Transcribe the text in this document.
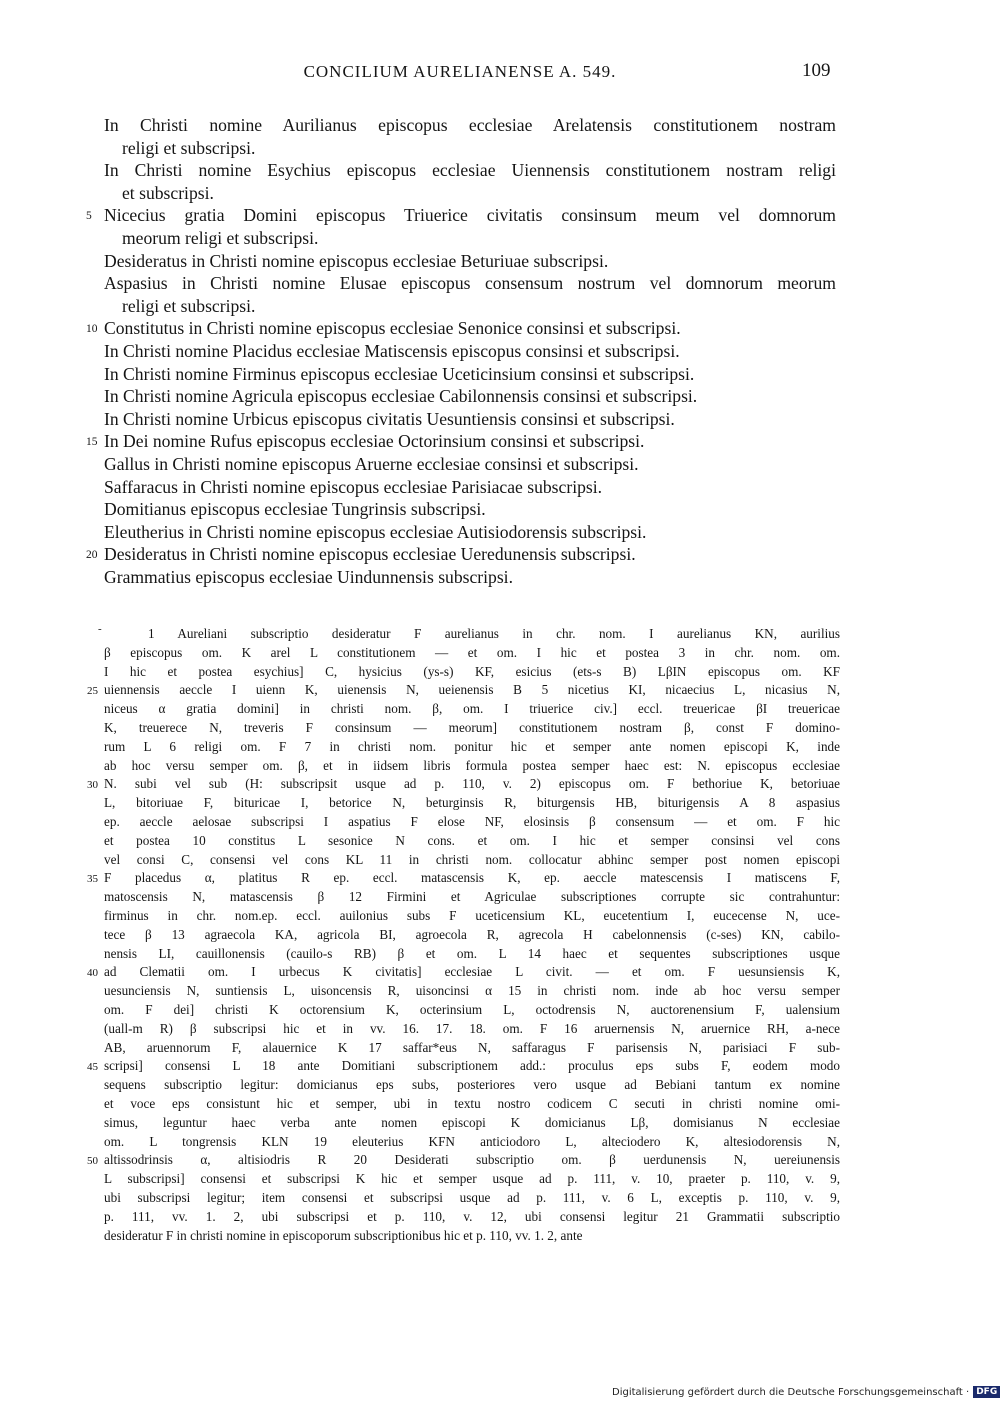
CONCILIUM AURELIANENSE A. 549.	109
In Christi nomine Aurilianus episcopus ecclesiae Arelatensis constitutionem nostram
religi et subscripsi.
In Christi nomine Esychius episcopus ecclesiae Uiennensis constitutionem nostram religi
et subscripsi.
5 Nicecius gratia Domini episcopus Triuerice civitatis consinsum meum vel domnorum
meorum religi et subscripsi.
Desideratus in Christi nomine episcopus ecclesiae Beturiuae subscripsi.
Aspasius in Christi nomine Elusae episcopus consensum nostrum vel domnorum meorum
religi et subscripsi.
10 Constitutus in Christi nomine episcopus ecclesiae Senonice consinsi et subscripsi.
In Christi nomine Placidus ecclesiae Matiscensis episcopus consinsi et subscripsi.
In Christi nomine Firminus episcopus ecclesiae Uceticinsium consinsi et subscripsi.
In Christi nomine Agricula episcopus ecclesiae Cabilonnensis consinsi et subscripsi.
In Christi nomine Urbicus episcopus civitatis Uesuntiensis consinsi et subscripsi.
15 In Dei nomine Rufus episcopus ecclesiae Octorinsium consinsi et subscripsi.
Gallus in Christi nomine episcopus Aruerne ecclesiae consinsi et subscripsi.
Saffaracus in Christi nomine episcopus ecclesiae Parisiacae subscripsi.
Domitianus episcopus ecclesiae Tungrinsis subscripsi.
Eleutherius in Christi nomine episcopus ecclesiae Autisiodorensis subscripsi.
20 Desideratus in Christi nomine episcopus ecclesiae Ueredunensis subscripsi.
Grammatius episcopus ecclesiae Uindunnensis subscripsi.
-	1 Aureliani subscriptio desideratur F aurelianus in chr. nom. I aurelianus KN, aurilius
β episcopus om. K arel L constitutionem — et om. I hic et postea 3 in chr. nom. om.
I hic et postea esychius] C, hysicius (ys-s) KF, esicius (ets-s B) LβIN episcopus om. KF
25 uiennensis aeccle I uienn K, uienensis N, ueienensis B 5 nicetius KI, nicaecius L, nicasius N,
niceus α gratia domini] in christi nom. β, om. I triuerice civ.] eccl. treuericae βI treuericae
K, treuerece N, treveris F consinsum — meorum] constitutionem nostram β, const F domino-
rum L 6 religi om. F 7 in christi nom. ponitur hic et semper ante nomen episcopi K, inde
ab hoc versu semper om. β, et in iidsem libris formula postea semper haec est: N. episcopus ecclesiae
30 N. subi vel sub (H: subscripsit usque ad p. 110, v. 2) episcopus om. F bethoriue K, betoriuae
L, bitoriuae F, bituricae I, betorice N, beturginsis R, biturgensis HB, biturigensis A 8 aspasius
ep. aeccle aelosae subscripsi I aspatius F elose NF, elosinsis β consensum — et om. F hic
et postea 10 constitus L sesonice N cons. et om. I hic et semper consinsi vel cons
vel consi C, consensi vel cons KL 11 in christi nom. collocatur abhinc semper post nomen episcopi
35 F placedus α, platitus R ep. eccl. matascensis K, ep. aeccle matescensis I matiscens F,
matoscensis N, matascensis β 12 Firmini et Agriculae subscriptiones corrupte sic contrahuntur:
firminus in chr. nom.ep. eccl. auilonius subs F uceticensium KL, eucetentium I, eucecense N, uce-
tece β 13 agraecola KA, agricola BI, agroecola R, agrecola H cabelonnensis (c-ses) KN, cabilo-
nensis LI, cauillonensis (cauilo-s RB) β et om. L 14 haec et sequentes subscriptiones usque
40 ad Clematii om. I urbecus K civitatis] ecclesiae L civit. — et om. F uesunsiensis K,
uesunciensis N, suntiensis L, uisoncensis R, uisoncinsi α 15 in christi nom. inde ab hoc versu semper
om. F dei] christi K octorensium K, octerinsium L, octodrensis N, auctorenensium F, ualensium
(uall-m R) β subscripsi hic et in vv. 16. 17. 18. om. F 16 aruernensis N, aruernice RH, a-nece
AB, aruennorum F, alauernice K 17 saffar*eus N, saffaragus F parisensis N, parisiaci F sub-
45 scripsi] consensi L 18 ante Domitiani subscriptionem add.: proculus eps subs F, eodem modo
sequens subscriptio legitur: domicianus eps subs, posteriores vero usque ad Bebiani tantum ex nomine
et voce eps consistunt hic et semper, ubi in textu nostro codicem C secuti in christi nomine omi-
simus, leguntur haec verba ante nomen episcopi K domicianus Lβ, domisianus N ecclesiae
om. L tongrensis KLN 19 eleuterius KFN anticiodoro L, alteciodero K, altesiodorensis N,
50 altissodrinsis α, altisiodris R 20 Desiderati subscriptio om. β uerdunensis N, uereiunensis
L subscripsi] consensi et subscripsi K hic et semper usque ad p. 111, v. 10, praeter p. 110, v. 9,
ubi subscripsi legitur; item consensi et subscripsi usque ad p. 111, v. 6 L, exceptis p. 110, v. 9,
p. 111, vv. 1. 2, ubi subscripsi et p. 110, v. 12, ubi consensi legitur 21 Grammatii subscriptio
desideratur F in christi nomine in episcoporum subscriptionibus hic et p. 110, vv. 1. 2, ante
Digitalisierung gefördert durch die Deutsche Forschungsgemeinschaft · DFG
